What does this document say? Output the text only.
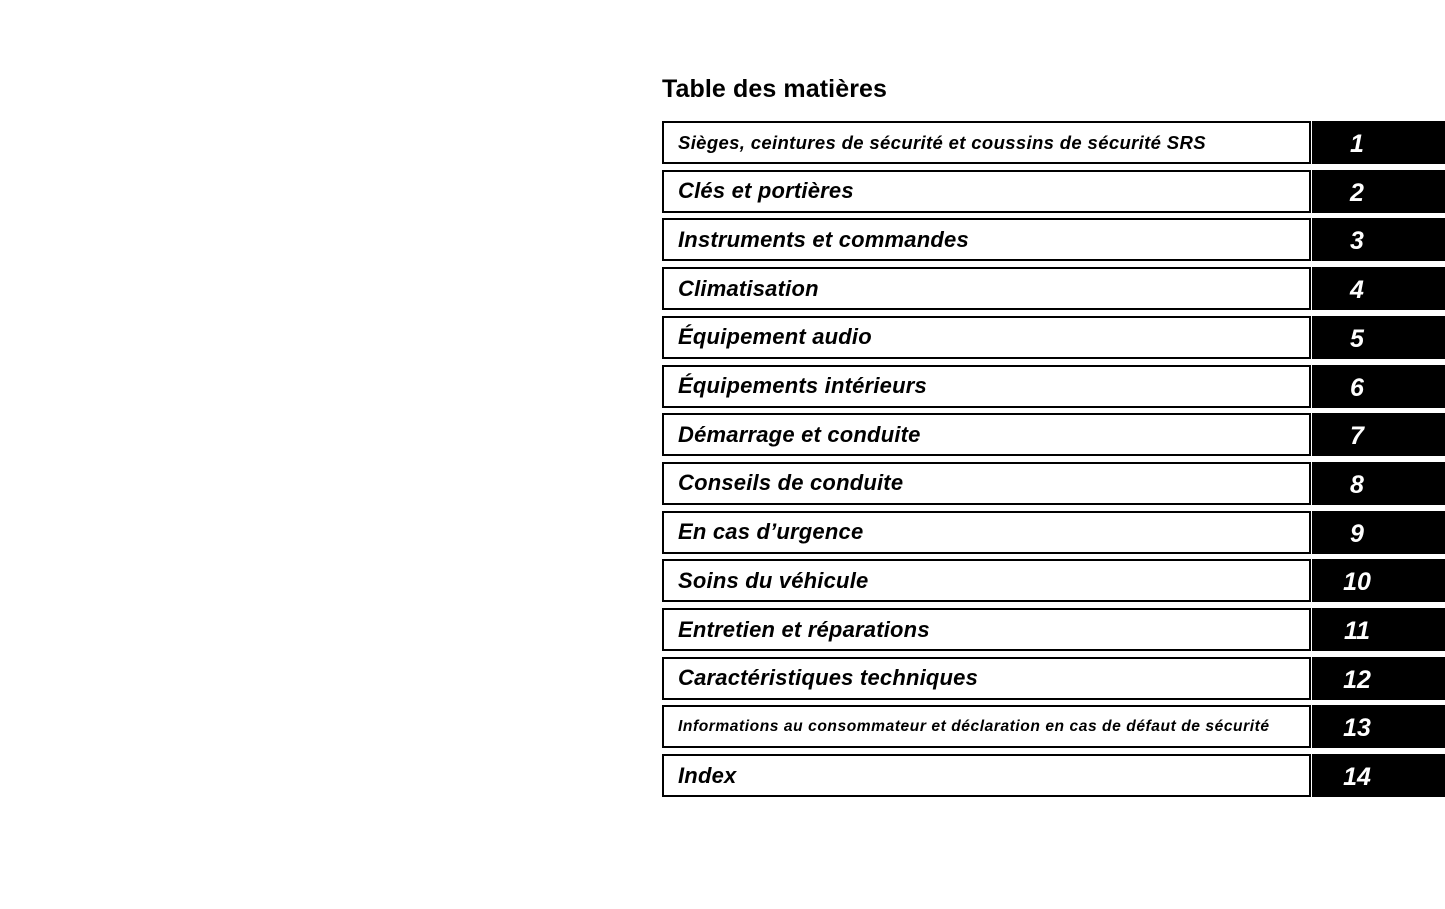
Table des matières
Sièges, ceintures de sécurité et coussins de sécurité SRS	1
Clés et portières	2
Instruments et commandes	3
Climatisation	4
Équipement audio	5
Équipements intérieurs	6
Démarrage et conduite	7
Conseils de conduite	8
En cas d’urgence	9
Soins du véhicule	10
Entretien et réparations	11
Caractéristiques techniques	12
Informations au consommateur et déclaration en cas de défaut de sécurité	13
Index	14
